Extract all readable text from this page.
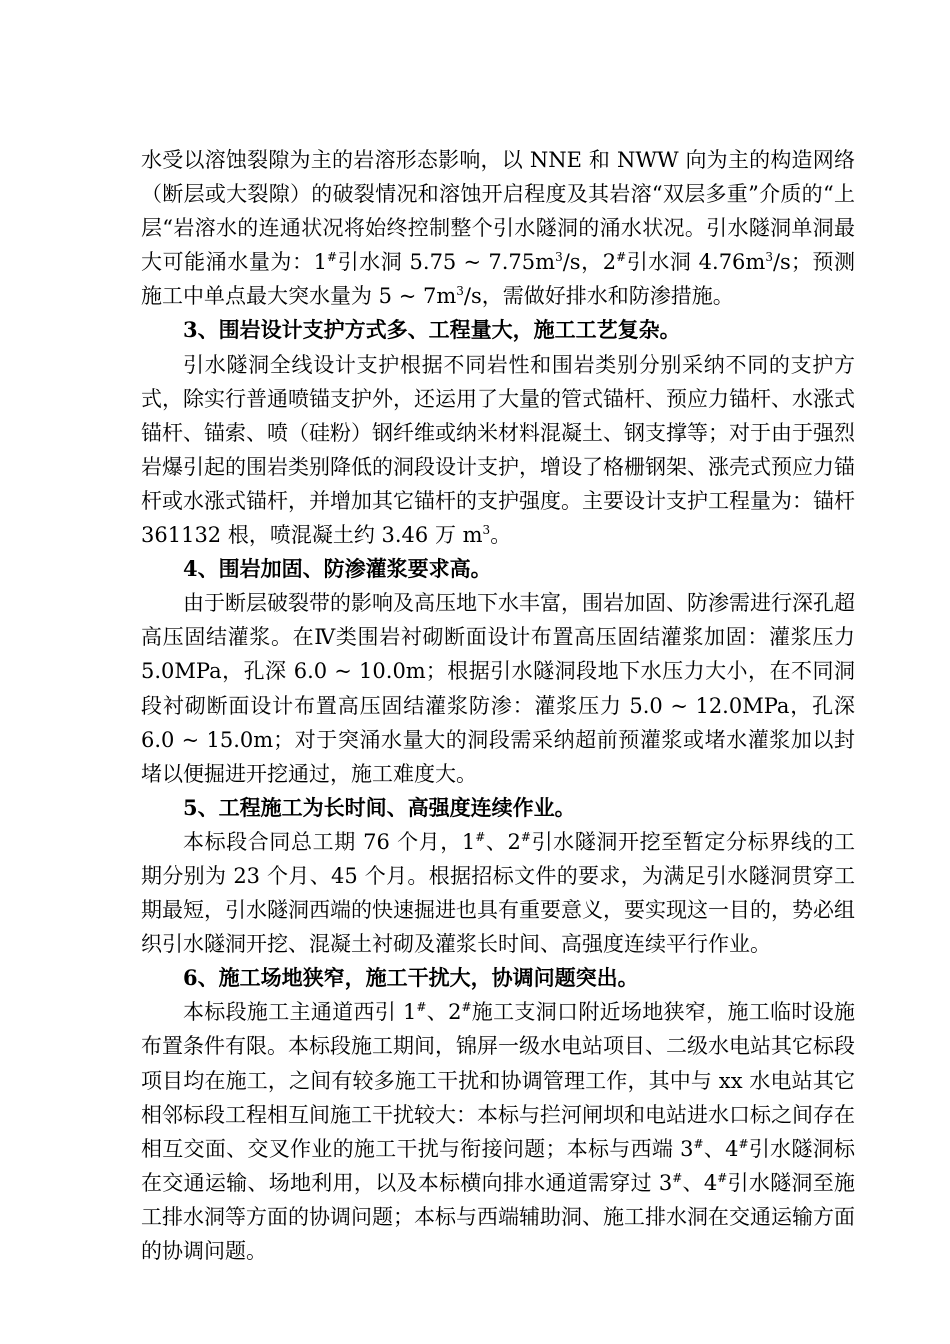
水受以溶蚀裂隙为主的岩溶形态影响，以 NNE 和 NWW 向为主的构造网络（断层或大裂隙）的破裂情况和溶蚀开启程度及其岩溶“双层多重”介质的“上层“岩溶水的连通状况将始终控制整个引水隧洞的涌水状况。引水隧洞单洞最大可能涌水量为：1#引水洞 5.75 ~ $7.75m^3/s$，2#引水洞 $4.76m^3/s$；预测施工中单点最大突水量为 5 ~ $7m^3/s$，需做好排水和防渗措施。

3、围岩设计支护方式多、工程量大，施工工艺复杂。

引水隧洞全线设计支护根据不同岩性和围岩类别分别采纳不同的支护方式，除实行普通喷锚支护外，还运用了大量的管式锚杆、预应力锚杆、水涨式锚杆、锚索、喷（硅粉）钢纤维或纳米材料混凝土、钢支撑等；对于由于强烈岩爆引起的围岩类别降低的洞段设计支护，增设了格栅钢架、涨壳式预应力锚杆或水涨式锚杆，并增加其它锚杆的支护强度。主要设计支护工程量为：锚杆 361132 根，喷混凝土约 3.46 万 $m^3$。

4、围岩加固、防渗灌浆要求高。

由于断层破裂带的影响及高压地下水丰富，围岩加固、防渗需进行深孔超高压固结灌浆。在Ⅳ类围岩衬砌断面设计布置高压固结灌浆加固：灌浆压力 5.0MPa，孔深 6.0 ~ 10.0m；根据引水隧洞段地下水压力大小，在不同洞段衬砌断面设计布置高压固结灌浆防渗：灌浆压力 5.0 ~ 12.0MPa，孔深 6.0 ~ 15.0m；对于突涌水量大的洞段需采纳超前预灌浆或堵水灌浆加以封堵以便掘进开挖通过，施工难度大。

5、工程施工为长时间、高强度连续作业。

本标段合同总工期 76 个月，1#、2#引水隧洞开挖至暂定分标界线的工期分别为 23 个月、45 个月。根据招标文件的要求，为满足引水隧洞贯穿工期最短，引水隧洞西端的快速掘进也具有重要意义，要实现这一目的，势必组织引水隧洞开挖、混凝土衬砌及灌浆长时间、高强度连续平行作业。

6、施工场地狭窄，施工干扰大，协调问题突出。

本标段施工主通道西引 1#、2#施工支洞口附近场地狭窄，施工临时设施布置条件有限。本标段施工期间，锦屏一级水电站项目、二级水电站其它标段项目均在施工，之间有较多施工干扰和协调管理工作，其中与 xx 水电站其它相邻标段工程相互间施工干扰较大：本标与拦河闸坝和电站进水口标之间存在相互交面、交叉作业的施工干扰与衔接问题；本标与西端 3#、4#引水隧洞标在交通运输、场地利用，以及本标横向排水通道需穿过 3#、4#引水隧洞至施工排水洞等方面的协调问题；本标与西端辅助洞、施工排水洞在交通运输方面的协调问题。
